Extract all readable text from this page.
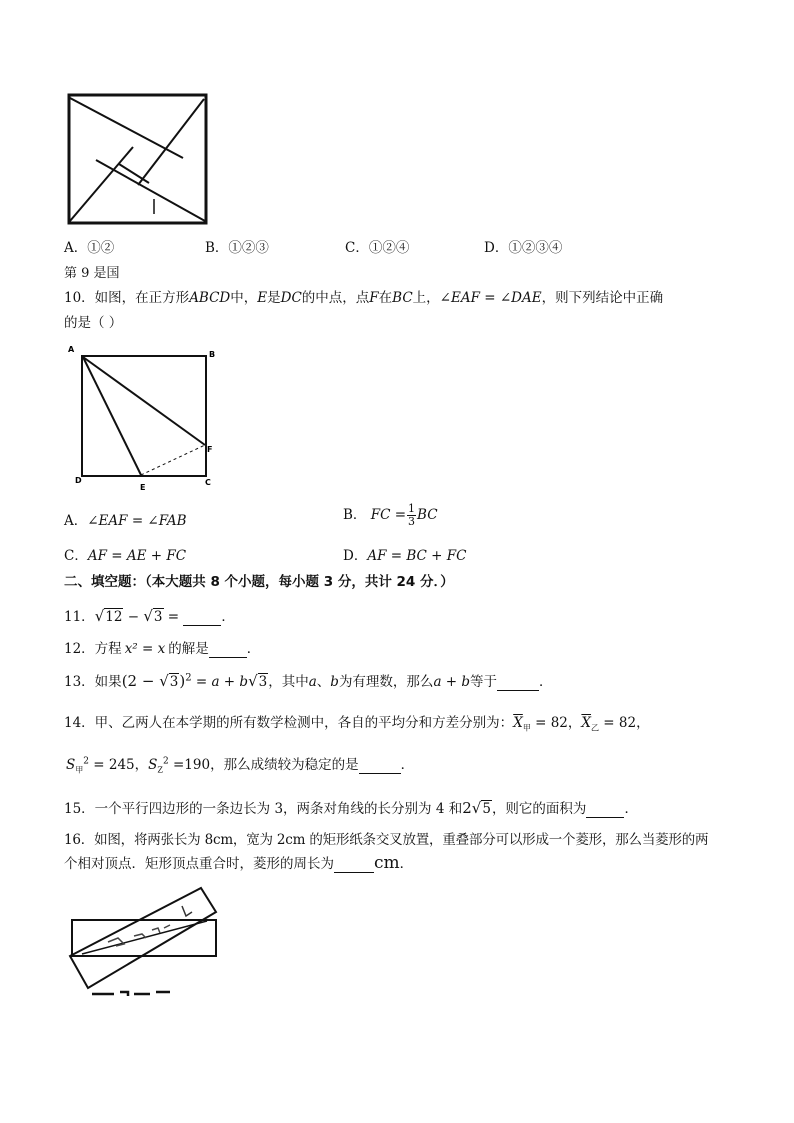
A．①②	B．①②③	C．①②④	D．①②③④
第 9 是国
10．如图，在正方形ABCD中，E是DC的中点，点F在BC上，∠EAF = ∠DAE，则下列结论中正确
的是（ ）
A
B
C
D
E
F
A．∠EAF = ∠FAB	B． FC = $\frac{1}{3}$ BC
C．AF = AE + FC	D．AF = BC + FC
二、填空题：（本大题共 8 个小题，每小题 3 分，共计 24 分．）
11．√12 − √3 =	．
12．方程 x² = x 的解是	．
13．如果$(2 - √3)^2 = a + b√3$，其中a、b为有理数，那么a + b等于	．
14．甲、乙两人在本学期的所有数学检测中，各自的平均分和方差分别为：$\overline{X}_甲 = 82$，$\overline{X}_乙 = 82$，
$S_甲^2 = 245$，$S_Z^2 =190$，那么成绩较为稳定的是	．
15．一个平行四边形的一条边长为 3，两条对角线的长分别为 4 和2√5，则它的面积为	．
16．如图，将两张长为 8cm，宽为 2cm 的矩形纸条交叉放置，重叠部分可以形成一个菱形，那么当菱形的两
个相对顶点．矩形顶点重合时，菱形的周长为 cm．
